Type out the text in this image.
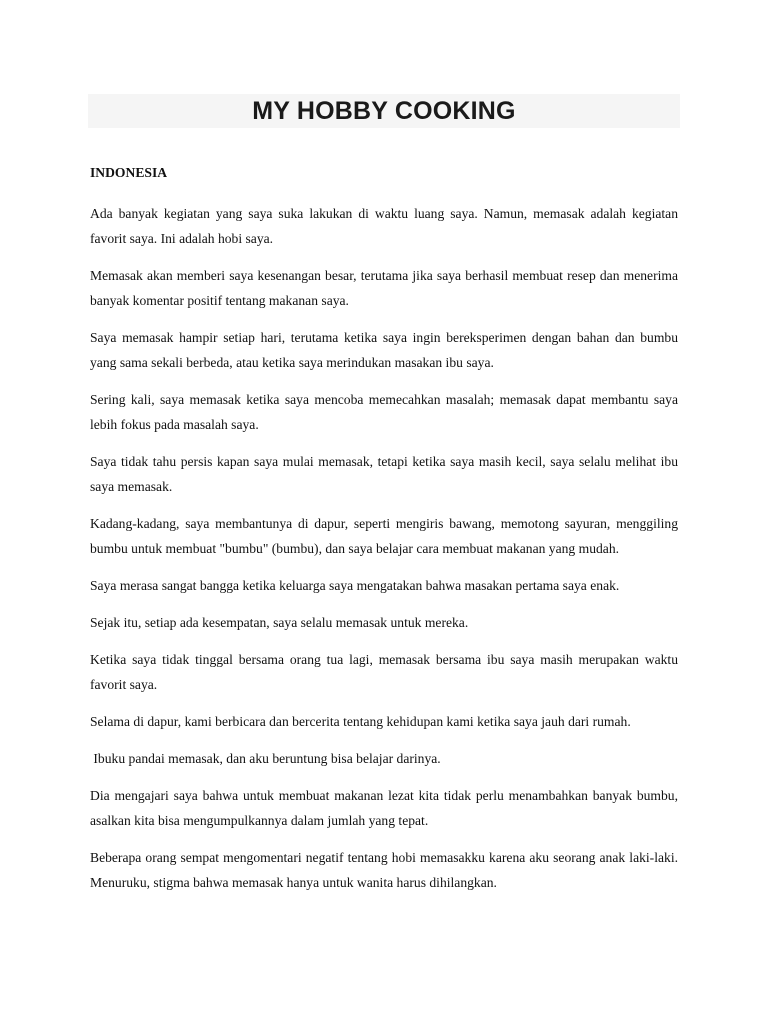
MY HOBBY COOKING

INDONESIA

Ada banyak kegiatan yang saya suka lakukan di waktu luang saya. Namun, memasak adalah kegiatan favorit saya. Ini adalah hobi saya.

Memasak akan memberi saya kesenangan besar, terutama jika saya berhasil membuat resep dan menerima banyak komentar positif tentang makanan saya.

Saya memasak hampir setiap hari, terutama ketika saya ingin bereksperimen dengan bahan dan bumbu yang sama sekali berbeda, atau ketika saya merindukan masakan ibu saya.

Sering kali, saya memasak ketika saya mencoba memecahkan masalah; memasak dapat membantu saya lebih fokus pada masalah saya.

Saya tidak tahu persis kapan saya mulai memasak, tetapi ketika saya masih kecil, saya selalu melihat ibu saya memasak.

Kadang-kadang, saya membantunya di dapur, seperti mengiris bawang, memotong sayuran, menggiling bumbu untuk membuat "bumbu" (bumbu), dan saya belajar cara membuat makanan yang mudah.

Saya merasa sangat bangga ketika keluarga saya mengatakan bahwa masakan pertama saya enak.

Sejak itu, setiap ada kesempatan, saya selalu memasak untuk mereka.

Ketika saya tidak tinggal bersama orang tua lagi, memasak bersama ibu saya masih merupakan waktu favorit saya.

Selama di dapur, kami berbicara dan bercerita tentang kehidupan kami ketika saya jauh dari rumah.

Ibuku pandai memasak, dan aku beruntung bisa belajar darinya.

Dia mengajari saya bahwa untuk membuat makanan lezat kita tidak perlu menambahkan banyak bumbu, asalkan kita bisa mengumpulkannya dalam jumlah yang tepat.

Beberapa orang sempat mengomentari negatif tentang hobi memasakku karena aku seorang anak laki-laki. Menuruku, stigma bahwa memasak hanya untuk wanita harus dihilangkan.
